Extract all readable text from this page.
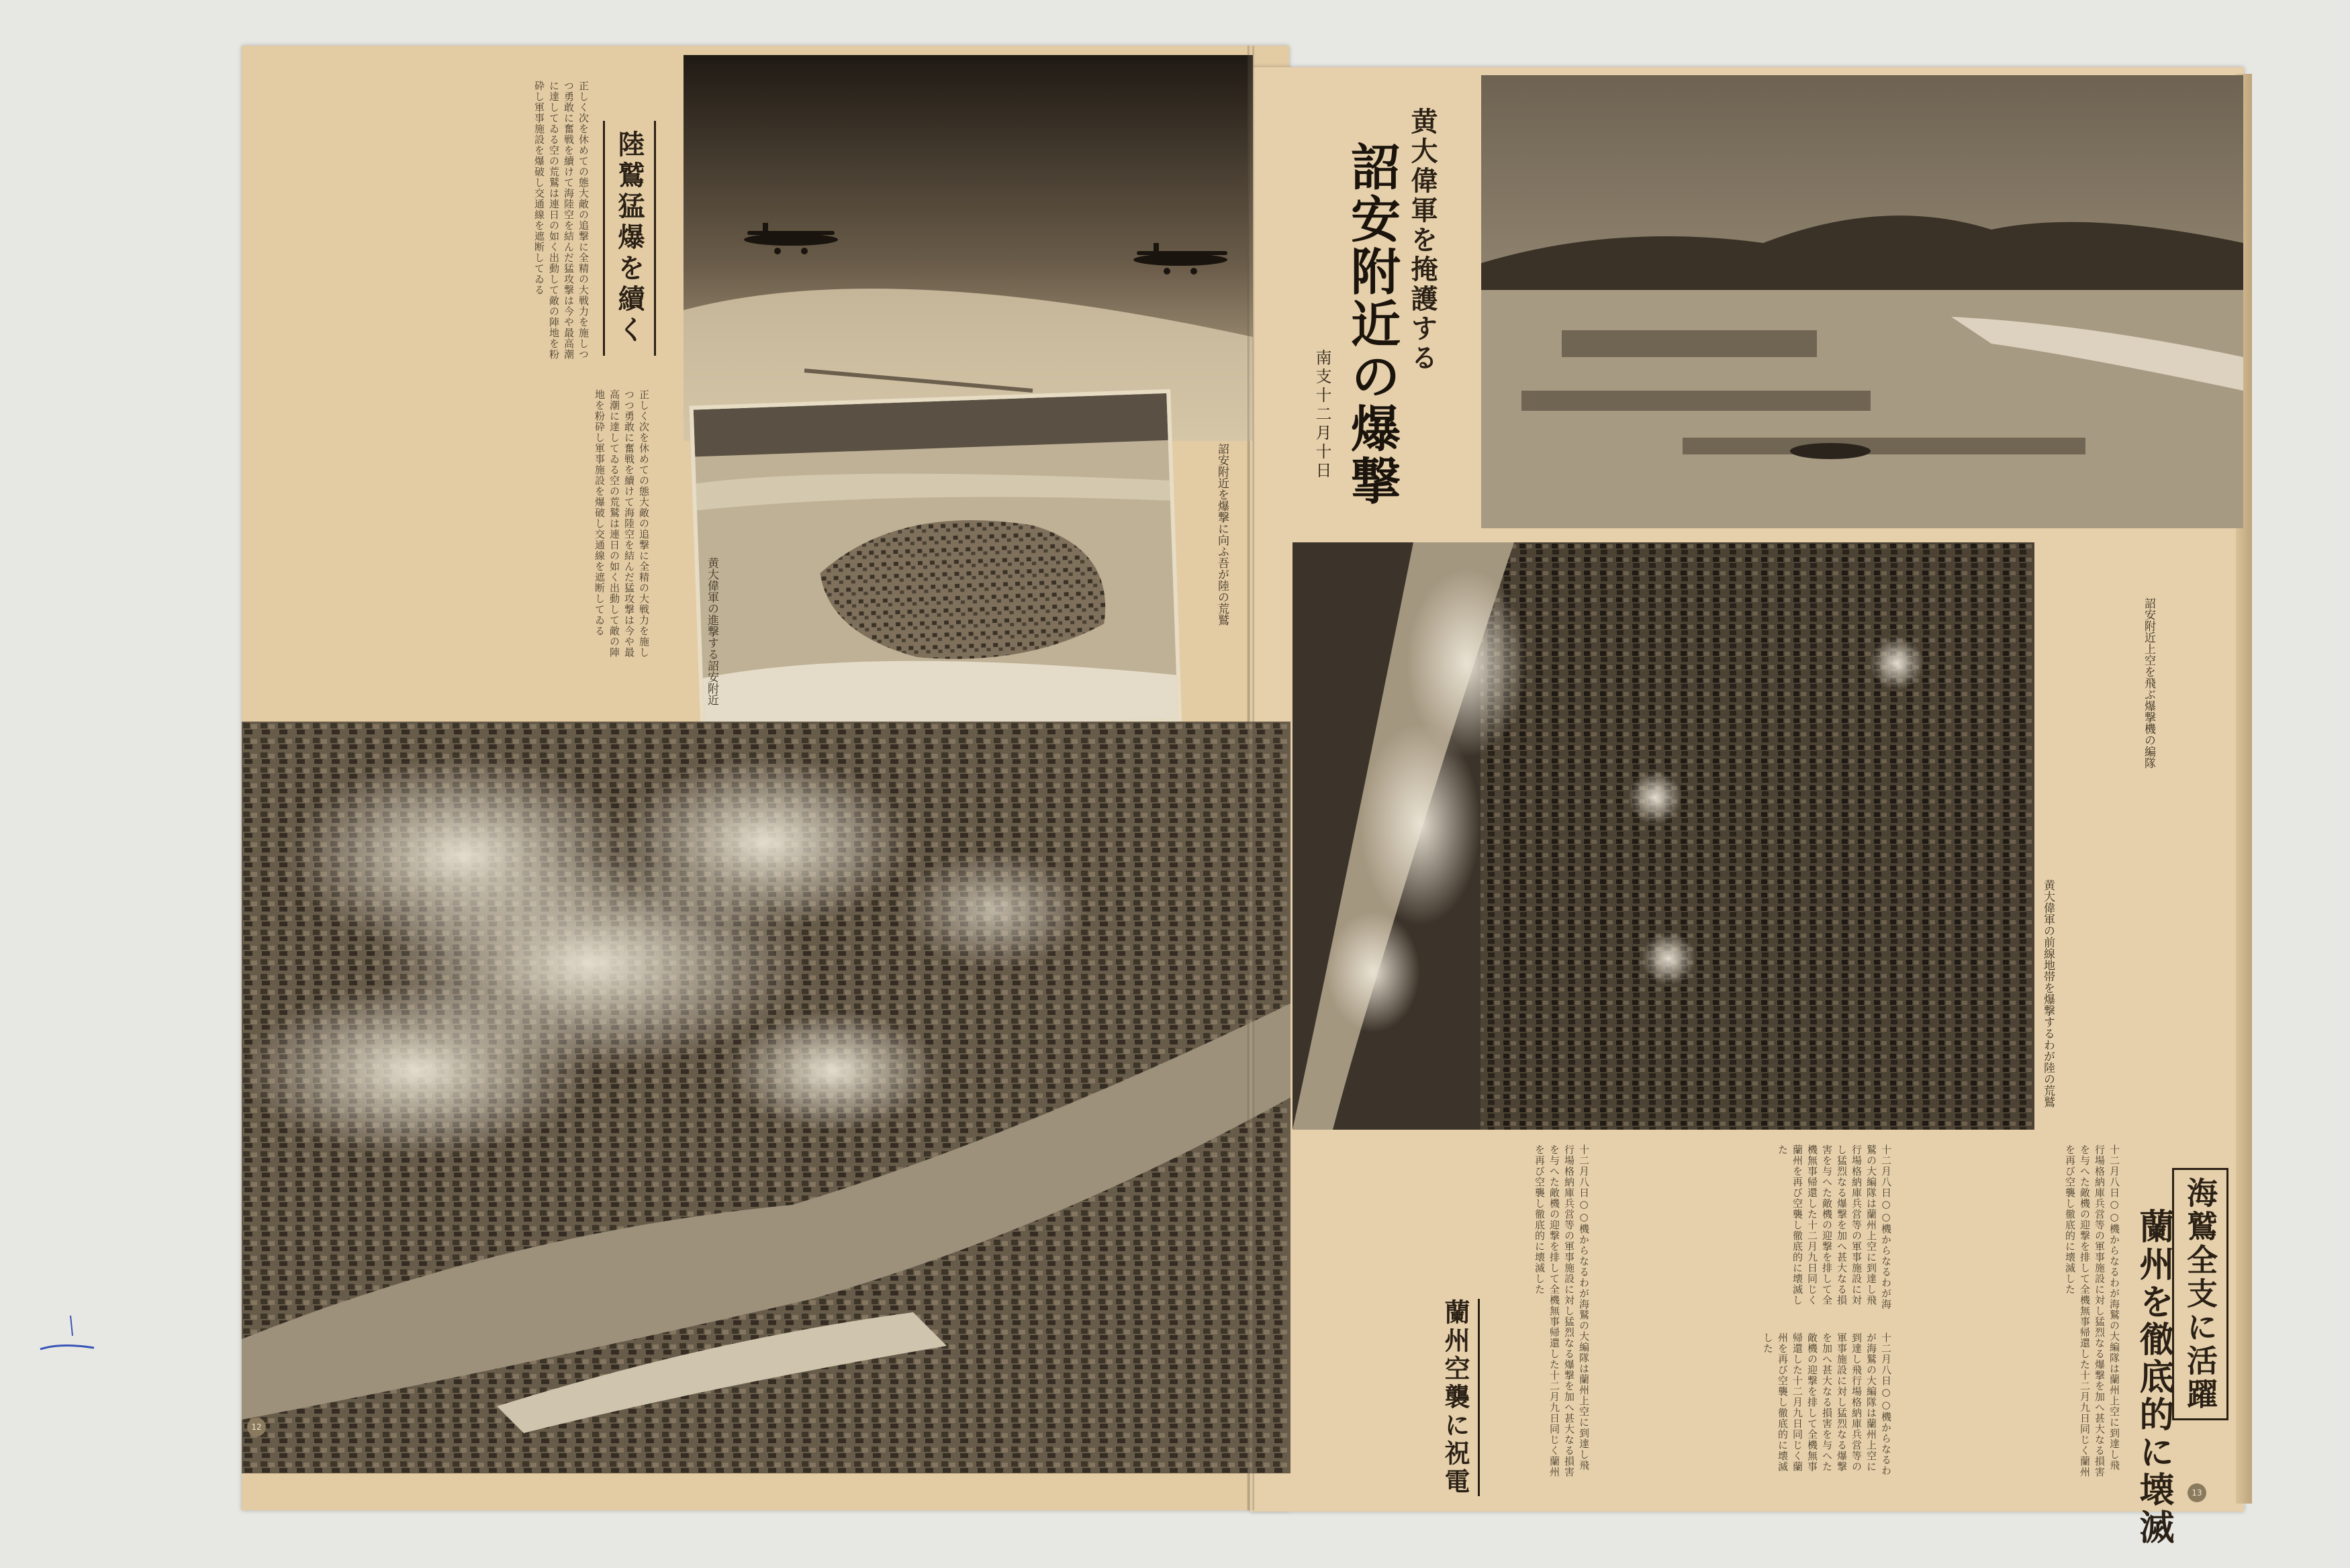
陸鷲猛爆を續く
正しく次を休めての態大敵の追撃に全精の大戦力を施しつつ勇敢に奮戦を續けて海陸空を結んだ猛攻撃は今や最高潮に達してゐる空の荒鷲は連日の如く出動して敵の陣地を粉砕し軍事施設を爆破し交通線を遮断してゐる
正しく次を休めての態大敵の追撃に全精の大戦力を施しつつ勇敢に奮戦を續けて海陸空を結んだ猛攻撃は今や最高潮に達してゐる空の荒鷲は連日の如く出動して敵の陣地を粉砕し軍事施設を爆破し交通線を遮断してゐる	黄大偉軍の進撃する詔安附近
12
詔安附近を爆撃に向ふ吾が陸の荒鷲
黄大偉軍を掩護する
詔安附近の爆撃
南支十二月十日
詔安附近上空を飛ぶ爆撃機の編隊
黄大偉軍の前線地帯を爆撃するわが陸の荒鷲
海鷲全支に活躍
蘭州を徹底的に壊滅
十二月八日○○機からなるわが海鷲の大編隊は蘭州上空に到達し飛行場格納庫兵営等の軍事施設に対し猛烈なる爆撃を加へ甚大なる損害を与へた敵機の迎撃を排して全機無事帰還した十二月九日同じく蘭州を再び空襲し徹底的に壊滅した
十二月八日○○機からなるわが海鷲の大編隊は蘭州上空に到達し飛行場格納庫兵営等の軍事施設に対し猛烈なる爆撃を加へ甚大なる損害を与へた敵機の迎撃を排して全機無事帰還した十二月九日同じく蘭州を再び空襲し徹底的に壊滅した
十二月八日○○機からなるわが海鷲の大編隊は蘭州上空に到達し飛行場格納庫兵営等の軍事施設に対し猛烈なる爆撃を加へ甚大なる損害を与へた敵機の迎撃を排して全機無事帰還した十二月九日同じく蘭州を再び空襲し徹底的に壊滅した
十二月八日○○機からなるわが海鷲の大編隊は蘭州上空に到達し飛行場格納庫兵営等の軍事施設に対し猛烈なる爆撃を加へ甚大なる損害を与へた敵機の迎撃を排して全機無事帰還した十二月九日同じく蘭州を再び空襲し徹底的に壊滅した
蘭州空襲に祝電	13
